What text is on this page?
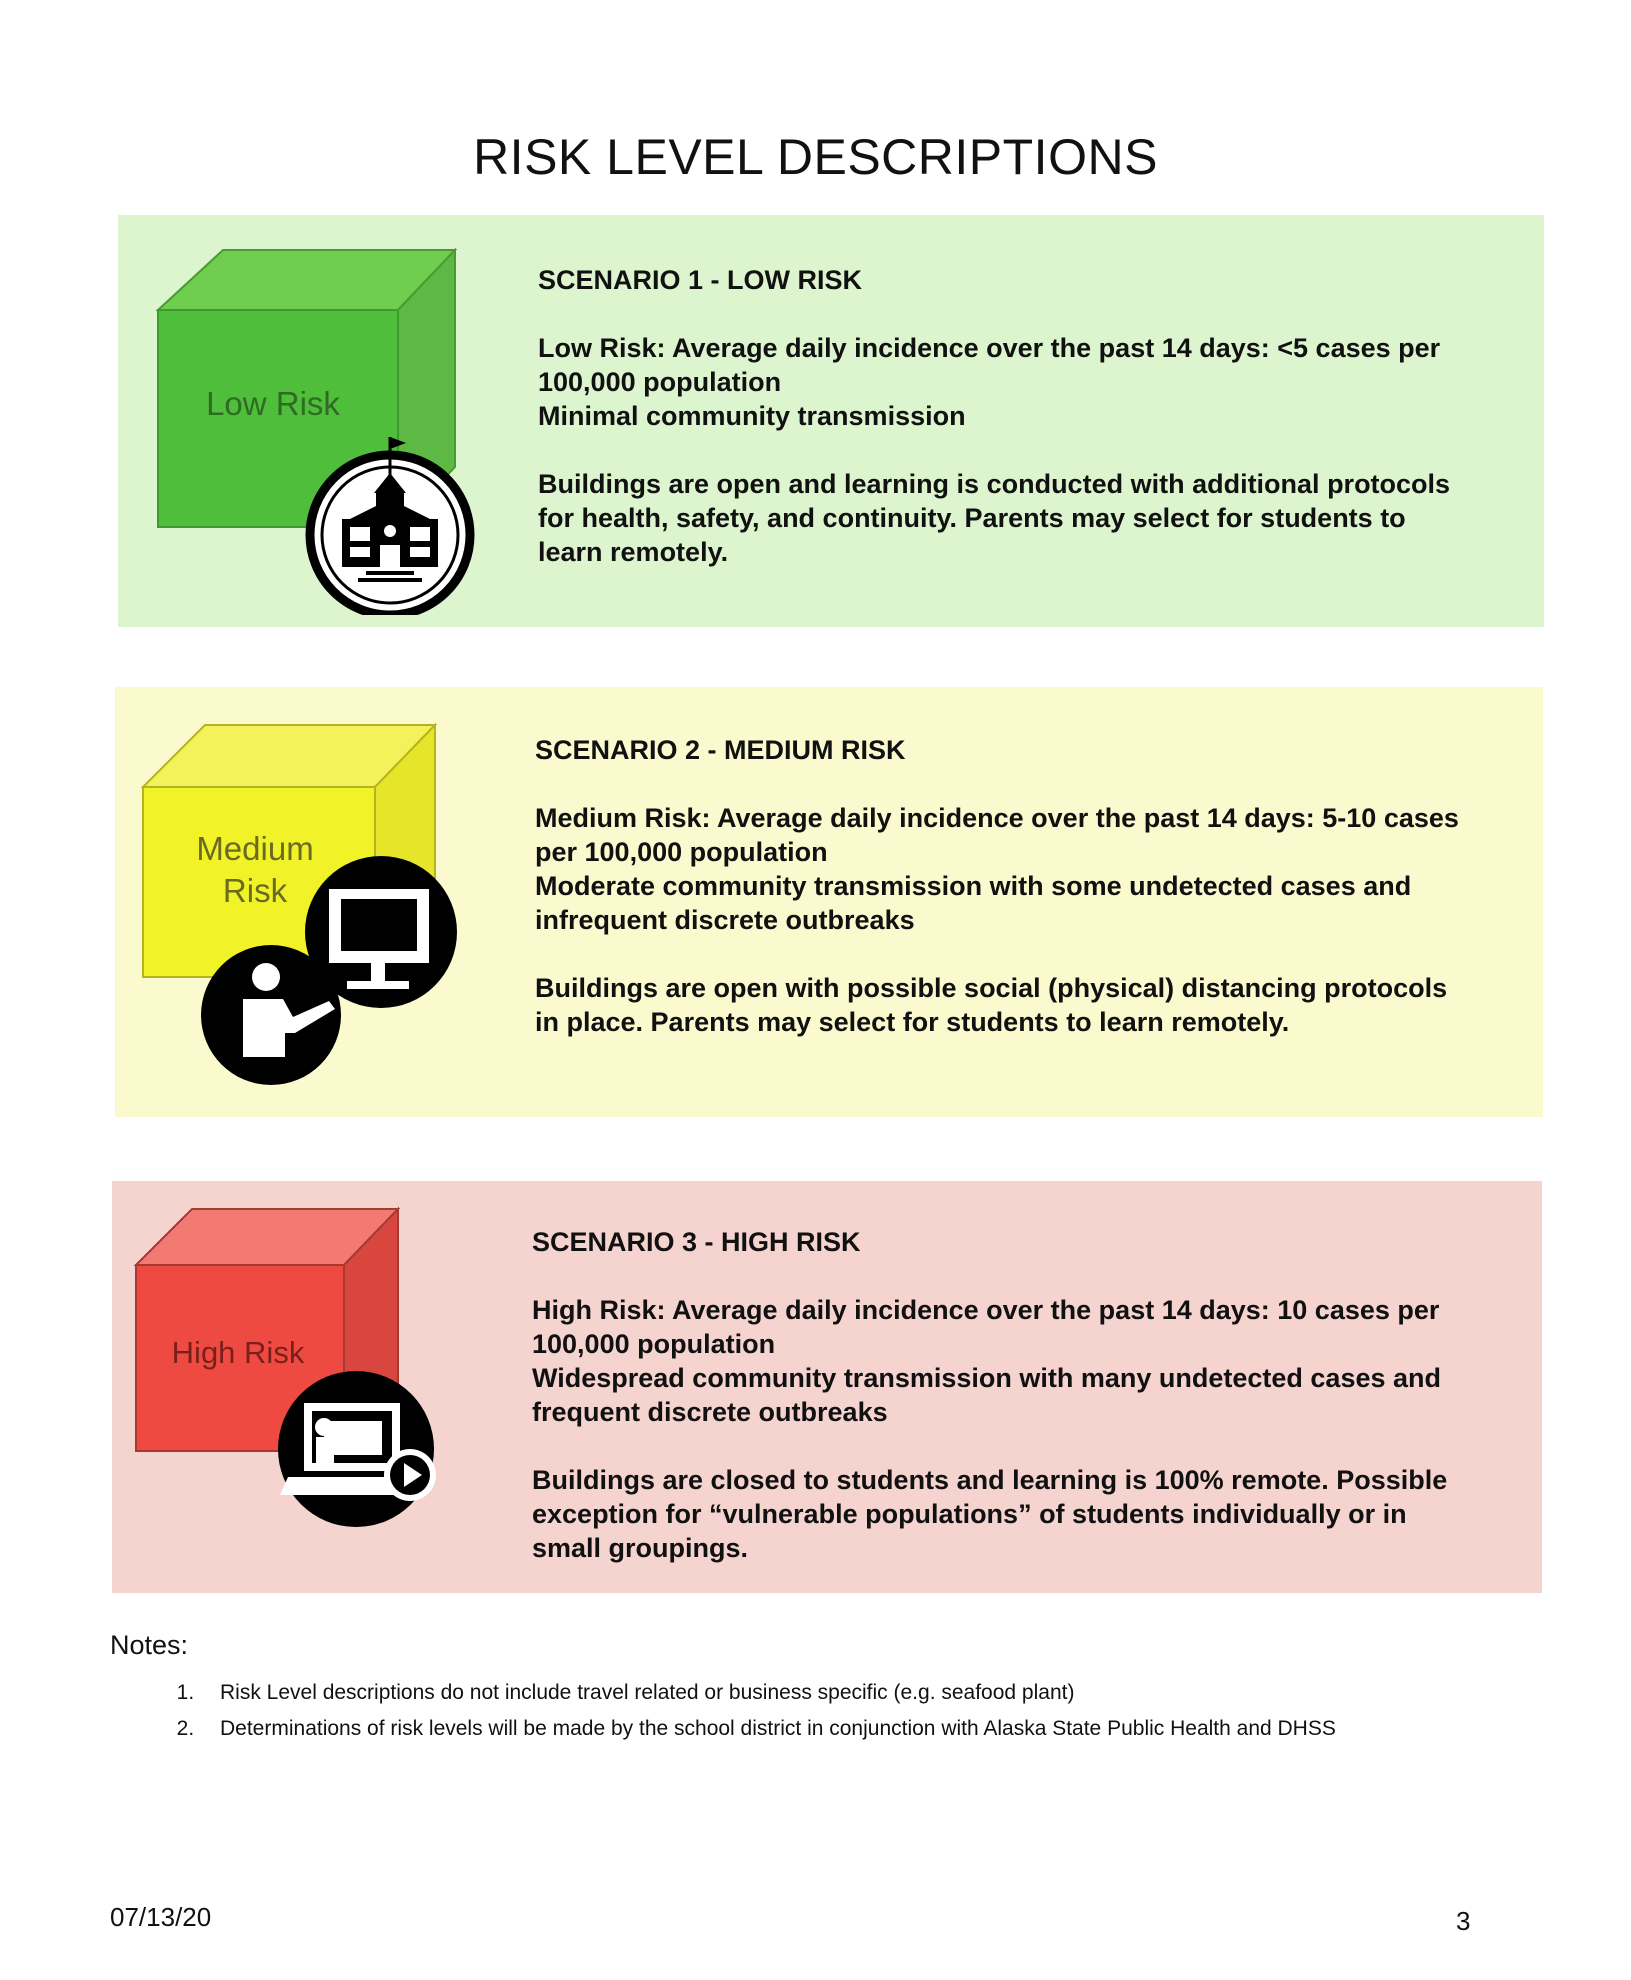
RISK LEVEL DESCRIPTIONS
Low Risk

SCENARIO 1 - LOW RISK

Low Risk: Average daily incidence over the past 14 days: <5 cases per

100,000 population

Minimal community transmission

Buildings are open and learning is conducted with additional protocols

for health, safety, and continuity. Parents may select for students to

learn remotely.

Medium
Risk

SCENARIO 2 - MEDIUM RISK

Medium Risk: Average daily incidence over the past 14 days: 5-10 cases

per 100,000 population

Moderate community transmission with some undetected cases and

infrequent discrete outbreaks

Buildings are open with possible social (physical) distancing protocols

in place. Parents may select for students to learn remotely.

High Risk

SCENARIO 3 - HIGH RISK

High Risk: Average daily incidence over the past 14 days: 10 cases per

100,000 population

Widespread community transmission with many undetected cases and

frequent discrete outbreaks

Buildings are closed to students and learning is 100% remote. Possible

exception for “vulnerable populations” of students individually or in

small groupings.

Notes:
1. Risk Level descriptions do not include travel related or business specific (e.g. seafood plant)
2. Determinations of risk levels will be made by the school district in conjunction with Alaska State Public Health and DHSS
07/13/20	3
